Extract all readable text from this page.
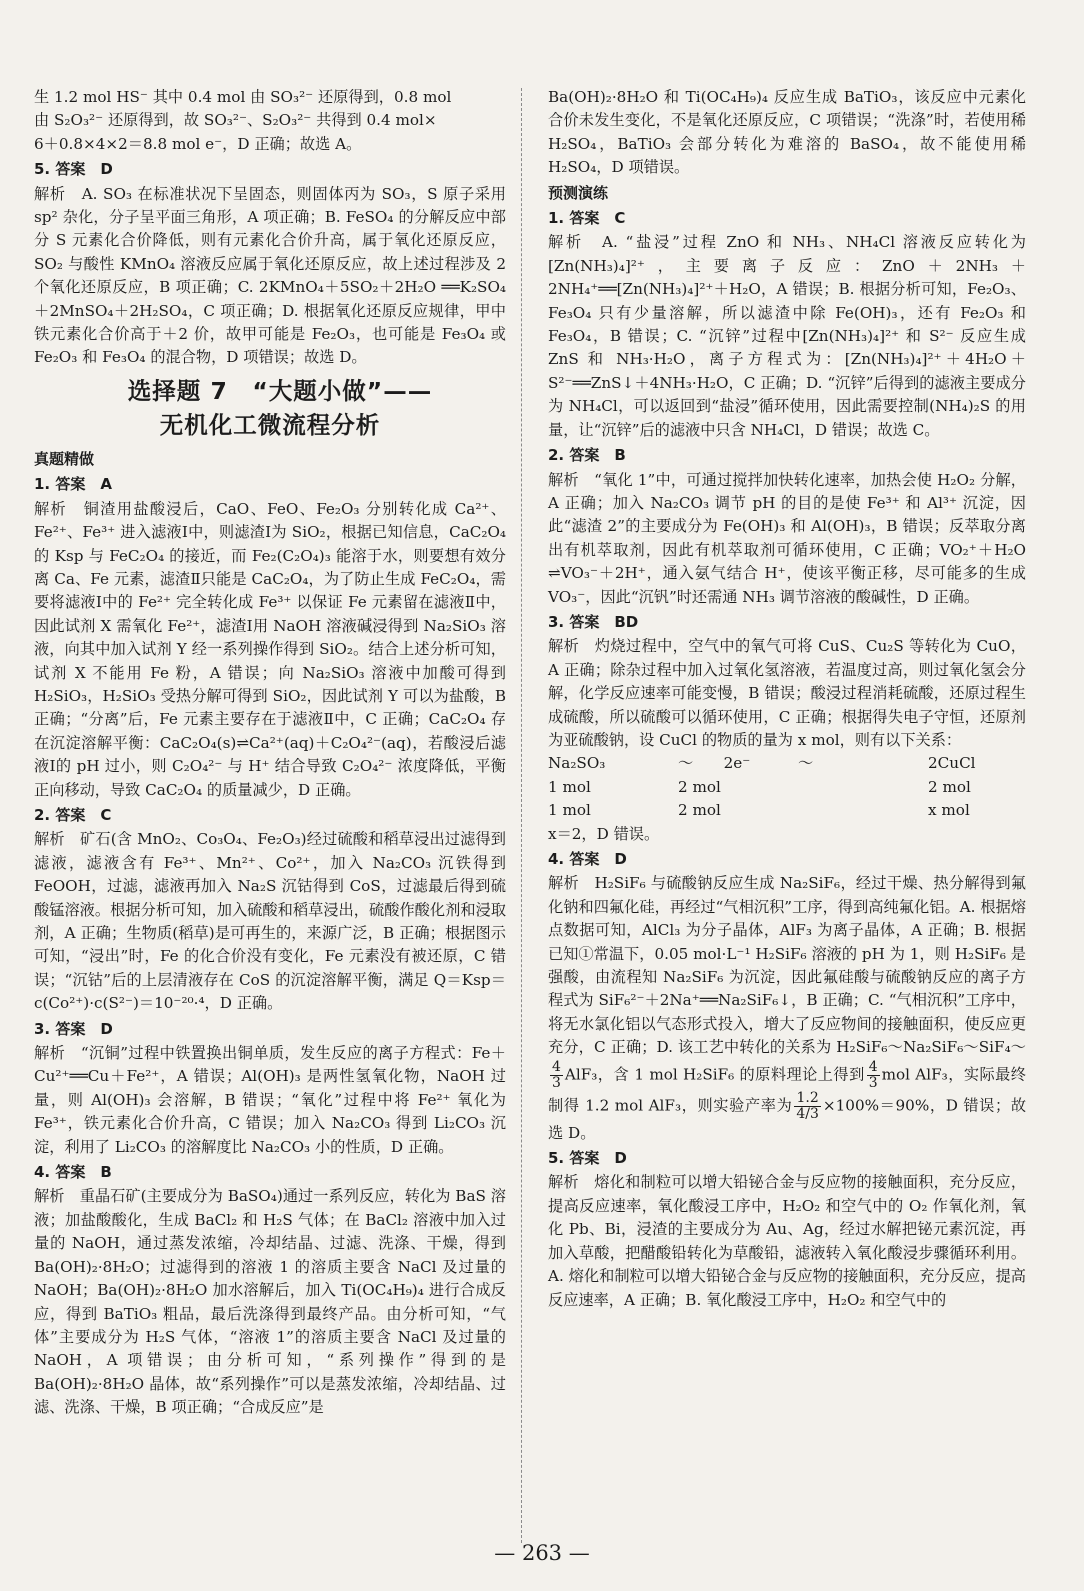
生 1.2 mol HS⁻ 其中 0.4 mol 由 SO₃²⁻ 还原得到，0.8 mol

由 S₂O₃²⁻ 还原得到，故 SO₃²⁻、S₂O₃²⁻ 共得到 0.4 mol×

6＋0.8×4×2＝8.8 mol e⁻，D 正确；故选 A。

5. 答案　D

解析　A. SO₃ 在标准状况下呈固态，则固体丙为 SO₃，S 原子采用 sp² 杂化，分子呈平面三角形，A 项正确；B. FeSO₄ 的分解反应中部分 S 元素化合价降低，则有元素化合价升高，属于氧化还原反应，SO₂ 与酸性 KMnO₄ 溶液反应属于氧化还原反应，故上述过程涉及 2 个氧化还原反应，B 项正确；C. 2KMnO₄＋5SO₂＋2H₂O ══K₂SO₄＋2MnSO₄＋2H₂SO₄，C 项正确；D. 根据氧化还原反应规律，甲中铁元素化合价高于＋2 价，故甲可能是 Fe₂O₃，也可能是 Fe₃O₄ 或 Fe₂O₃ 和 Fe₃O₄ 的混合物，D 项错误；故选 D。

选择题 7　“大题小做”——
无机化工微流程分析

真题精做

1. 答案　A

解析　铜渣用盐酸浸后，CaO、FeO、Fe₂O₃ 分别转化成 Ca²⁺、Fe²⁺、Fe³⁺ 进入滤液Ⅰ中，则滤渣Ⅰ为 SiO₂，根据已知信息，CaC₂O₄ 的 Ksp 与 FeC₂O₄ 的接近，而 Fe₂(C₂O₄)₃ 能溶于水，则要想有效分离 Ca、Fe 元素，滤渣Ⅱ只能是 CaC₂O₄，为了防止生成 FeC₂O₄，需要将滤液Ⅰ中的 Fe²⁺ 完全转化成 Fe³⁺ 以保证 Fe 元素留在滤液Ⅱ中，因此试剂 X 需氧化 Fe²⁺，滤渣Ⅰ用 NaOH 溶液碱浸得到 Na₂SiO₃ 溶液，向其中加入试剂 Y 经一系列操作得到 SiO₂。结合上述分析可知，试剂 X 不能用 Fe 粉，A 错误；向 Na₂SiO₃ 溶液中加酸可得到 H₂SiO₃，H₂SiO₃ 受热分解可得到 SiO₂，因此试剂 Y 可以为盐酸，B 正确；“分离”后，Fe 元素主要存在于滤液Ⅱ中，C 正确；CaC₂O₄ 存在沉淀溶解平衡：CaC₂O₄(s)⇌Ca²⁺(aq)＋C₂O₄²⁻(aq)，若酸浸后滤液Ⅰ的 pH 过小，则 C₂O₄²⁻ 与 H⁺ 结合导致 C₂O₄²⁻ 浓度降低，平衡正向移动，导致 CaC₂O₄ 的质量减少，D 正确。

2. 答案　C

解析　矿石(含 MnO₂、Co₃O₄、Fe₂O₃)经过硫酸和稻草浸出过滤得到滤液，滤液含有 Fe³⁺、Mn²⁺、Co²⁺，加入 Na₂CO₃ 沉铁得到 FeOOH，过滤，滤液再加入 Na₂S 沉钴得到 CoS，过滤最后得到硫酸锰溶液。根据分析可知，加入硫酸和稻草浸出，硫酸作酸化剂和浸取剂，A 正确；生物质(稻草)是可再生的，来源广泛，B 正确；根据图示可知，“浸出”时，Fe 的化合价没有变化，Fe 元素没有被还原，C 错误；“沉钴”后的上层清液存在 CoS 的沉淀溶解平衡，满足 Q＝Ksp＝c(Co²⁺)·c(S²⁻)＝10⁻²⁰·⁴，D 正确。

3. 答案　D

解析　“沉铜”过程中铁置换出铜单质，发生反应的离子方程式：Fe＋Cu²⁺══Cu＋Fe²⁺，A 错误；Al(OH)₃ 是两性氢氧化物，NaOH 过量，则 Al(OH)₃ 会溶解，B 错误；“氧化”过程中将 Fe²⁺ 氧化为 Fe³⁺，铁元素化合价升高，C 错误；加入 Na₂CO₃ 得到 Li₂CO₃ 沉淀，利用了 Li₂CO₃ 的溶解度比 Na₂CO₃ 小的性质，D 正确。

4. 答案　B

解析　重晶石矿(主要成分为 BaSO₄)通过一系列反应，转化为 BaS 溶液；加盐酸酸化，生成 BaCl₂ 和 H₂S 气体；在 BaCl₂ 溶液中加入过量的 NaOH，通过蒸发浓缩，冷却结晶、过滤、洗涤、干燥，得到 Ba(OH)₂·8H₂O；过滤得到的溶液 1 的溶质主要含 NaCl 及过量的 NaOH；Ba(OH)₂·8H₂O 加水溶解后，加入 Ti(OC₄H₉)₄ 进行合成反应，得到 BaTiO₃ 粗品，最后洗涤得到最终产品。由分析可知，“气体”主要成分为 H₂S 气体，“溶液 1”的溶质主要含 NaCl 及过量的 NaOH，A 项错误；由分析可知，“系列操作”得到的是 Ba(OH)₂·8H₂O 晶体，故“系列操作”可以是蒸发浓缩，冷却结晶、过滤、洗涤、干燥，B 项正确；“合成反应”是

Ba(OH)₂·8H₂O 和 Ti(OC₄H₉)₄ 反应生成 BaTiO₃，该反应中元素化合价未发生变化，不是氧化还原反应，C 项错误；“洗涤”时，若使用稀 H₂SO₄，BaTiO₃ 会部分转化为难溶的 BaSO₄，故不能使用稀 H₂SO₄，D 项错误。

预测演练

1. 答案　C

解析　A. “盐浸”过程 ZnO 和 NH₃、NH₄Cl 溶液反应转化为[Zn(NH₃)₄]²⁺，主要离子反应：ZnO＋2NH₃＋2NH₄⁺══[Zn(NH₃)₄]²⁺＋H₂O，A 错误；B. 根据分析可知，Fe₂O₃、Fe₃O₄ 只有少量溶解，所以滤渣中除 Fe(OH)₃，还有 Fe₂O₃ 和 Fe₃O₄，B 错误；C. “沉锌”过程中[Zn(NH₃)₄]²⁺ 和 S²⁻ 反应生成 ZnS 和 NH₃·H₂O，离子方程式为：[Zn(NH₃)₄]²⁺＋4H₂O＋S²⁻══ZnS↓＋4NH₃·H₂O，C 正确；D. “沉锌”后得到的滤液主要成分为 NH₄Cl，可以返回到“盐浸”循环使用，因此需要控制(NH₄)₂S 的用量，让“沉锌”后的滤液中只含 NH₄Cl，D 错误；故选 C。

2. 答案　B

解析　“氧化 1”中，可通过搅拌加快转化速率，加热会使 H₂O₂ 分解，A 正确；加入 Na₂CO₃ 调节 pH 的目的是使 Fe³⁺ 和 Al³⁺ 沉淀，因此“滤渣 2”的主要成分为 Fe(OH)₃ 和 Al(OH)₃，B 错误；反萃取分离出有机萃取剂，因此有机萃取剂可循环使用，C 正确；VO₂⁺＋H₂O ⇌VO₃⁻＋2H⁺，通入氨气结合 H⁺，使该平衡正移，尽可能多的生成 VO₃⁻，因此“沉钒”时还需通 NH₃ 调节溶液的酸碱性，D 正确。

3. 答案　BD

解析　灼烧过程中，空气中的氧气可将 CuS、Cu₂S 等转化为 CuO，A 正确；除杂过程中加入过氧化氢溶液，若温度过高，则过氧化氢会分解，化学反应速率可能变慢，B 错误；酸浸过程消耗硫酸，还原过程生成硫酸，所以硫酸可以循环使用，C 正确；根据得失电子守恒，还原剂为亚硫酸钠，设 CuCl 的物质的量为 x mol，则有以下关系：

Na₂SO₃	～　　2e⁻	～	2CuCl
1 mol	2 mol	2 mol
1 mol	2 mol	x mol

x＝2，D 错误。

4. 答案　D

解析　H₂SiF₆ 与硫酸钠反应生成 Na₂SiF₆，经过干燥、热分解得到氟化钠和四氟化硅，再经过“气相沉积”工序，得到高纯氟化铝。A. 根据熔点数据可知，AlCl₃ 为分子晶体，AlF₃ 为离子晶体，A 正确；B. 根据已知①常温下，0.05 mol·L⁻¹ H₂SiF₆ 溶液的 pH 为 1，则 H₂SiF₆ 是强酸，由流程知 Na₂SiF₆ 为沉淀，因此氟硅酸与硫酸钠反应的离子方程式为 SiF₆²⁻＋2Na⁺══Na₂SiF₆↓，B 正确；C. “气相沉积”工序中，将无水氯化铝以气态形式投入，增大了反应物间的接触面积，使反应更充分，C 正确；D. 该工艺中转化的关系为 H₂SiF₆～Na₂SiF₆～SiF₄～
$\frac{4}{3} AlF_3$，含 1 mol H₂SiF₆ 的原料理论上得到 $\frac{4}{3}$ mol AlF₃，实际最终制得 1.2 mol AlF₃，则实验产率为 $\frac{1.2}{4/3} \times 100\%=90\%$，D 错误；故选 D。

5. 答案　D

解析　熔化和制粒可以增大铅铋合金与反应物的接触面积，充分反应，提高反应速率，氧化酸浸工序中，H₂O₂ 和空气中的 O₂ 作氧化剂，氧化 Pb、Bi，浸渣的主要成分为 Au、Ag，经过水解把铋元素沉淀，再加入草酸，把醋酸铅转化为草酸铅，滤液转入氧化酸浸步骤循环利用。A. 熔化和制粒可以增大铅铋合金与反应物的接触面积，充分反应，提高反应速率，A 正确；B. 氧化酸浸工序中，H₂O₂ 和空气中的

— 263 —
